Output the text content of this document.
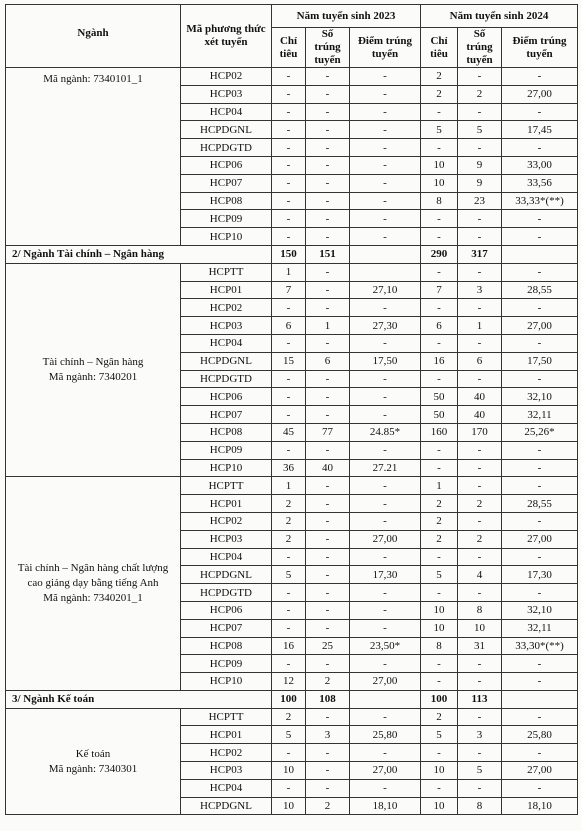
Ngành	Mã phương thức xét tuyển	Năm tuyển sinh 2023			Năm tuyển sinh 2024		
		Chỉ tiêu	Số trúng tuyển	Điểm trúng tuyển	Chỉ tiêu	Số trúng tuyển	Điểm trúng tuyển

Mã ngành: 7340101_1	HCP02	-	-	-	2	-	-
	HCP03	-	-	-	2	2	27,00
	HCP04	-	-	-	-	-	-
	HCPDGNL	-	-	-	5	5	17,45
	HCPDGTD	-	-	-	-	-	-
	HCP06	-	-	-	10	9	33,00
	HCP07	-	-	-	10	9	33,56
	HCP08	-	-	-	8	23	33,33*(**)
	HCP09	-	-	-	-	-	-
	HCP10	-	-	-	-	-	-
2/ Ngành Tài chính – Ngân hàng		150	151		290	317	

Tài chính – Ngân hàng
Mã ngành: 7340201	HCPTT	1	-		-	-	-
	HCP01	7	-	27,10	7	3	28,55
	HCP02	-	-	-	-	-	-
	HCP03	6	1	27,30	6	1	27,00
	HCP04	-	-	-	-	-	-
	HCPDGNL	15	6	17,50	16	6	17,50
	HCPDGTD	-	-	-	-	-	-
	HCP06	-	-	-	50	40	32,10
	HCP07	-	-	-	50	40	32,11
	HCP08	45	77	24.85*	160	170	25,26*
	HCP09	-	-	-	-	-	-
	HCP10	36	40	27.21	-	-	-

Tài chính – Ngân hàng chất lượng
cao giảng dạy bằng tiếng Anh
Mã ngành: 7340201_1	HCPTT	1	-	-	1	-	-
	HCP01	2	-	-	2	2	28,55
	HCP02	2	-	-	2	-	-
	HCP03	2	-	27,00	2	2	27,00
	HCP04	-	-	-	-	-	-
	HCPDGNL	5	-	17,30	5	4	17,30
	HCPDGTD	-	-	-	-	-	-
	HCP06	-	-	-	10	8	32,10
	HCP07	-	-	-	10	10	32,11
	HCP08	16	25	23,50*	8	31	33,30*(**)
	HCP09	-	-	-	-	-	-
	HCP10	12	2	27,00	-	-	-
3/ Ngành Kế toán		100	108		100	113	

Kế toán
Mã ngành: 7340301	HCPTT	2	-	-	2	-	-
	HCP01	5	3	25,80	5	3	25,80
	HCP02	-	-	-	-	-	-
	HCP03	10	-	27,00	10	5	27,00
	HCP04	-	-	-	-	-	-
	HCPDGNL	10	2	18,10	10	8	18,10
